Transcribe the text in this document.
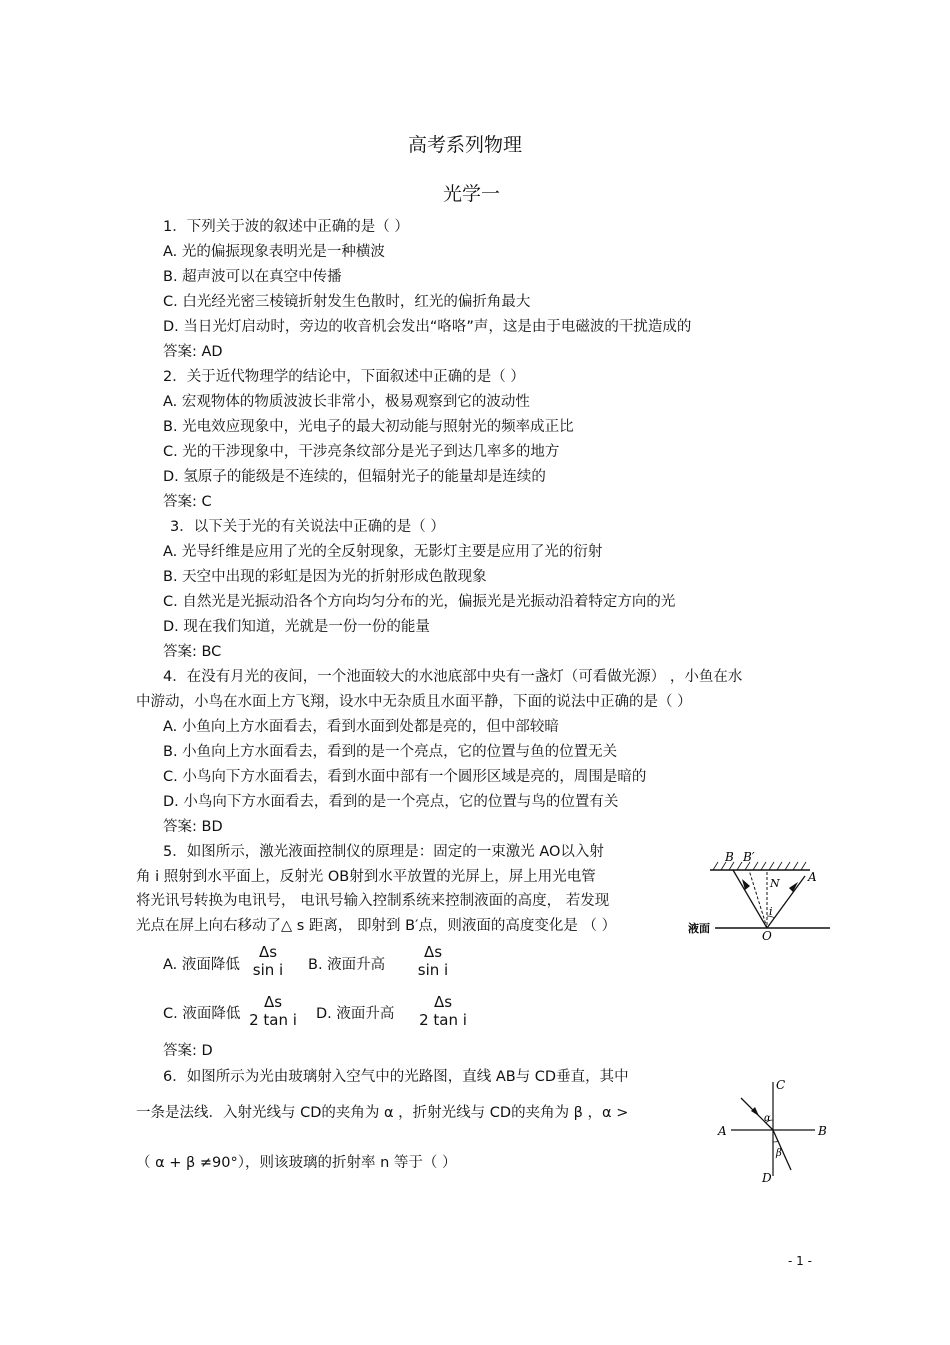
高考系列物理
光学一
1．下列关于波的叙述中正确的是（ ）
A. 光的偏振现象表明光是一种横波
B. 超声波可以在真空中传播
C. 白光经光密三棱镜折射发生色散时，红光的偏折角最大
D. 当日光灯启动时，旁边的收音机会发出“咯咯”声，这是由于电磁波的干扰造成的
答案: AD
2．关于近代物理学的结论中，下面叙述中正确的是（ ）
A. 宏观物体的物质波波长非常小，极易观察到它的波动性
B. 光电效应现象中，光电子的最大初动能与照射光的频率成正比
C. 光的干涉现象中，干涉亮条纹部分是光子到达几率多的地方
D. 氢原子的能级是不连续的，但辐射光子的能量却是连续的
答案: C
3．以下关于光的有关说法中正确的是（ ）
A. 光导纤维是应用了光的全反射现象，无影灯主要是应用了光的衍射
B. 天空中出现的彩虹是因为光的折射形成色散现象
C. 自然光是光振动沿各个方向均匀分布的光，偏振光是光振动沿着特定方向的光
D. 现在我们知道，光就是一份一份的能量
答案: BC
4．在没有月光的夜间，一个池面较大的水池底部中央有一盏灯（可看做光源） ，小鱼在水
中游动，小鸟在水面上方飞翔，设水中无杂质且水面平静，下面的说法中正确的是（ ）
A. 小鱼向上方水面看去，看到水面到处都是亮的，但中部较暗
B. 小鱼向上方水面看去，看到的是一个亮点，它的位置与鱼的位置无关
C. 小鸟向下方水面看去，看到水面中部有一个圆形区域是亮的，周围是暗的
D. 小鸟向下方水面看去，看到的是一个亮点，它的位置与鸟的位置有关
答案: BD
5．如图所示，激光液面控制仪的原理是：固定的一束激光 AO以入射
角 i 照射到水平面上，反射光 OB射到水平放置的光屏上，屏上用光电管
将光讯号转换为电讯号， 电讯号输入控制系统来控制液面的高度， 若发现
光点在屏上向右移动了△ s 距离， 即射到 B′点，则液面的高度变化是 （ ）
A. 液面降低
Δs
sin i	B. 液面升高
Δs
sin i
C. 液面降低
Δs
2 tan i D. 液面升高
Δs
2 tan i
答案: D
B B′
N A
i
O
液面
6．如图所示为光由玻璃射入空气中的光路图，直线 AB与 CD垂直，其中
一条是法线．入射光线与 CD的夹角为 α ，折射光线与 CD的夹角为 β ，α >
（ α + β ≠90°），则该玻璃的折射率 n 等于（ ）
C
A	B
D
α
β
- 1 -
